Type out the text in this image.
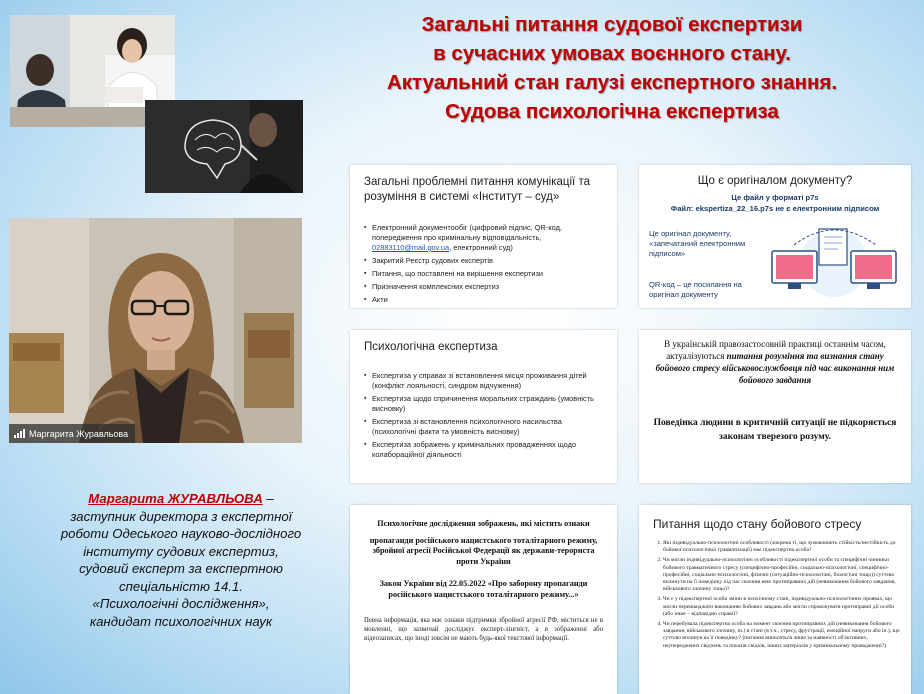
Загальні питання судової експертизи
в сучасних умовах воєнного стану.
Актуальний стан галузі експертного знання.
Судова психологічна експертиза
Маргарита Журавльова
Маргарита ЖУРАВЛЬОВА –
заступник директора з експертної
роботи Одеського науково-дослідного
інституту судових експертиз,
судовий експерт за експертною
спеціальністю 14.1.
«Психологічні дослідження»,
кандидат психологічних наук
Загальні проблемні питання комунікації та розуміння в системі «Інститут – суд»
▪ Електронний документообіг (цифровий підпис, QR-код, попередження про кримінальну відповідальність, 02883110@mail.gov.ua, електронний суд)
▪ Закритий Реєстр судових експертів
▪ Питання, що поставлені на вирішення експертизи
▪ Призначення комплексних експертиз
▪ Акти
Що є оригіналом документу?
Це файл у форматі p7s
Файл: ekspertiza_22_16.p7s не є електронним підписом
Це оригінал документу, «запечатаний електронним підписом»
QR-код – це посилання на оригінал документу
Психологічна експертиза
▪ Експертиза у справах зі встановлення місця проживання дітей (конфлікт лояльності, синдром відчуження)
▪ Експертиза щодо спричинення моральних страждань (умовність висновку)
▪ Експертиза зі встановлення психологічного насильства (психологічні факти та умовність висновку)
▪ Експертиза зображень у кримінальних провадженнях щодо колабораційної діяльності
В українській правозастосовній практиці останнім часом, актуалізуються питання розуміння та визнання стану бойового стресу військовослужбовця під час виконання ним бойового завдання
Поведінка людини в критичній ситуації не підкоряється законам тверезого розуму.
Психологічне дослідження зображень, які містять ознаки
пропаганди російського нацистського тоталітарного режиму, збройної агресії Російської Федерації як держави-терориста проти України
Закон України від 22.05.2022 «Про заборону пропаганди російського нацистського тоталітарного режиму...»
Певна інформація, яка має ознаки підтримки збройної агресії РФ, міститься не в мовленні, що зазвичай досліджує експерт-лінгвіст, а в зображенні або відеозаписах, що іноді зовсім не мають будь-якої текстової інформації.
Питання щодо стану бойового стресу
1. Які індивідуально-психологічні особливості (зокрема ті, що зумовлюють стійкість/нестійкість до бойової психологічної травматизації) має підекспертна особа?
2. Чи могли індивідуально-психологічні особливості підекспертної особи та специфічні чинники бойового травматичного стресу (специфічно-професійні, соціально-психологічні, специфічно-професійні, соціально-психологічні, фізичні (ситуаційно-психологічні, біологічні тощо)) суттєво вплинути на її поведінку під час скоєння нею протиправних дій (невиконання бойового завдання, військового злочину тощо)?
3. Чи є у підекспертної особи зміни в психічному стані, індивідуально-психологічних проявах, що могли перешкоджати виконанню бойових завдань або могли спровокувати протиправні дії особи (або інше – відповідно справі)?
4. Чи перебувала підекспертна особа на момент скоєння протиправних дій (невиконання бойового завдання, військового злочину, ін.) в стані (в т.ч., стресу, фрустрації, емоційної напруги або ін.), що суттєво вплинув на її поведінку? (питання виносяться лише за наявності об'єктивних, неупереджених свідчень та показів свідків, інших матеріалів у кримінальному провадженні?)
